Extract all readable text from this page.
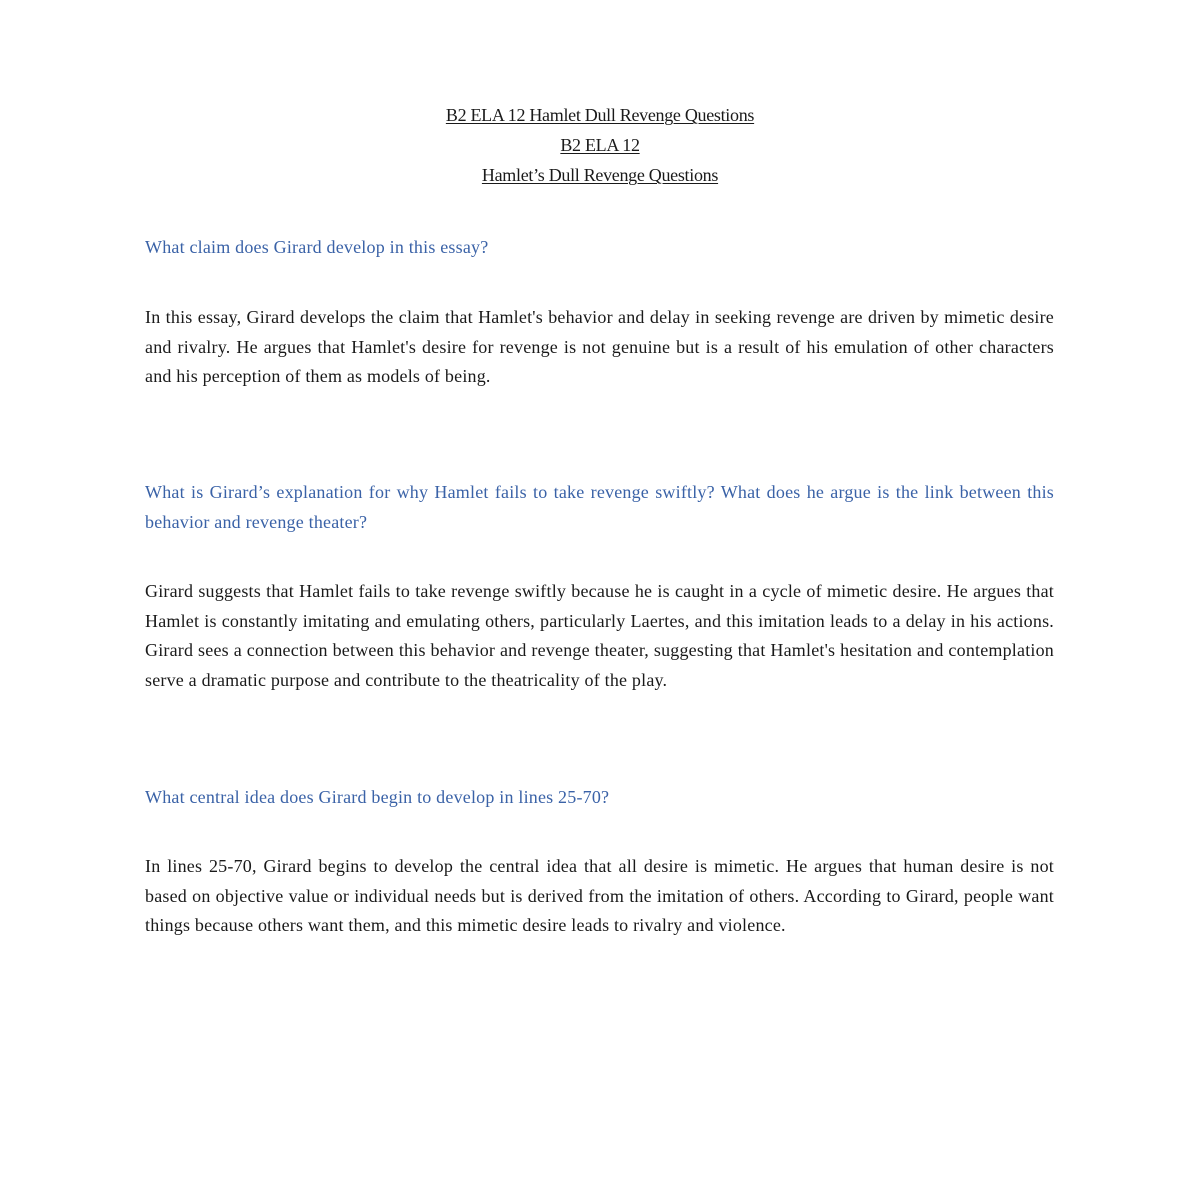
B2 ELA 12 Hamlet Dull Revenge Questions
B2 ELA 12
Hamlet’s Dull Revenge Questions

What claim does Girard develop in this essay?

In this essay, Girard develops the claim that Hamlet's behavior and delay in seeking revenge are driven by mimetic desire and rivalry. He argues that Hamlet's desire for revenge is not genuine but is a result of his emulation of other characters and his perception of them as models of being.

What is Girard’s explanation for why Hamlet fails to take revenge swiftly? What does he argue is the link between this behavior and revenge theater?

Girard suggests that Hamlet fails to take revenge swiftly because he is caught in a cycle of mimetic desire. He argues that Hamlet is constantly imitating and emulating others, particularly Laertes, and this imitation leads to a delay in his actions. Girard sees a connection between this behavior and revenge theater, suggesting that Hamlet's hesitation and contemplation serve a dramatic purpose and contribute to the theatricality of the play.

What central idea does Girard begin to develop in lines 25-70?

In lines 25-70, Girard begins to develop the central idea that all desire is mimetic. He argues that human desire is not based on objective value or individual needs but is derived from the imitation of others. According to Girard, people want things because others want them, and this mimetic desire leads to rivalry and violence.
